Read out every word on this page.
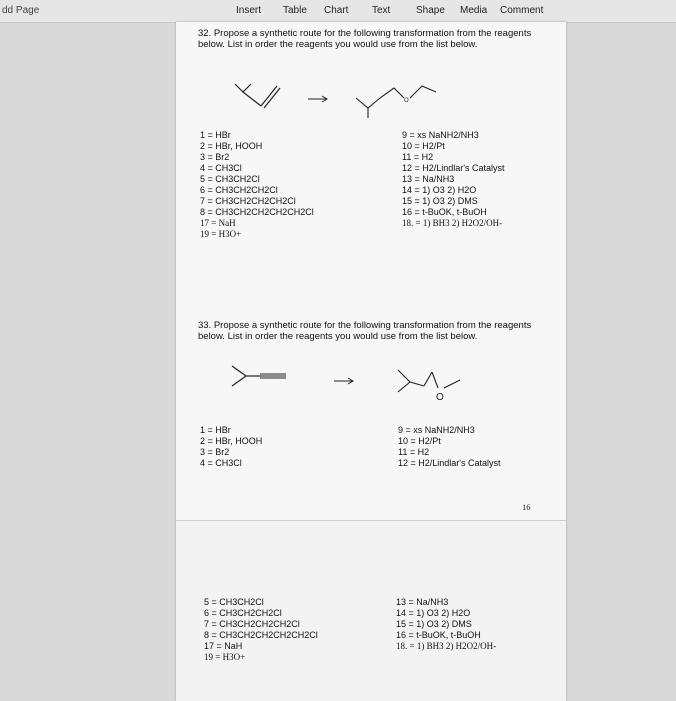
dd Page	Insert Table Chart Text	Shape Media Comment
32. Propose a synthetic route for the following transformation from the reagents below. List in order the reagents you would use from the list below.
O
1 = HBr
2 = HBr, HOOH
3 = Br2
4 = CH3Cl
5 = CH3CH2Cl
6 = CH3CH2CH2Cl
7 = CH3CH2CH2CH2Cl
8 = CH3CH2CH2CH2CH2Cl
17 = NaH
19 = H3O+
9 = xs NaNH2/NH3
10 = H2/Pt
11 = H2
12 = H2/Lindlar's Catalyst
13 = Na/NH3
14 = 1) O3 2) H2O
15 = 1) O3 2) DMS
16 = t-BuOK, t-BuOH
18. = 1) BH3 2) H2O2/OH-
33. Propose a synthetic route for the following transformation from the reagents below. List in order the reagents you would use from the list below.
O
1 = HBr
2 = HBr, HOOH
3 = Br2
4 = CH3Cl
9 = xs NaNH2/NH3
10 = H2/Pt
11 = H2
12 = H2/Lindlar's Catalyst
16
5 = CH3CH2Cl
6 = CH3CH2CH2Cl
7 = CH3CH2CH2CH2Cl
8 = CH3CH2CH2CH2CH2Cl
17 = NaH
19 = H3O+
13 = Na/NH3
14 = 1) O3 2) H2O
15 = 1) O3 2) DMS
16 = t-BuOK, t-BuOH
18. = 1) BH3 2) H2O2/OH-
